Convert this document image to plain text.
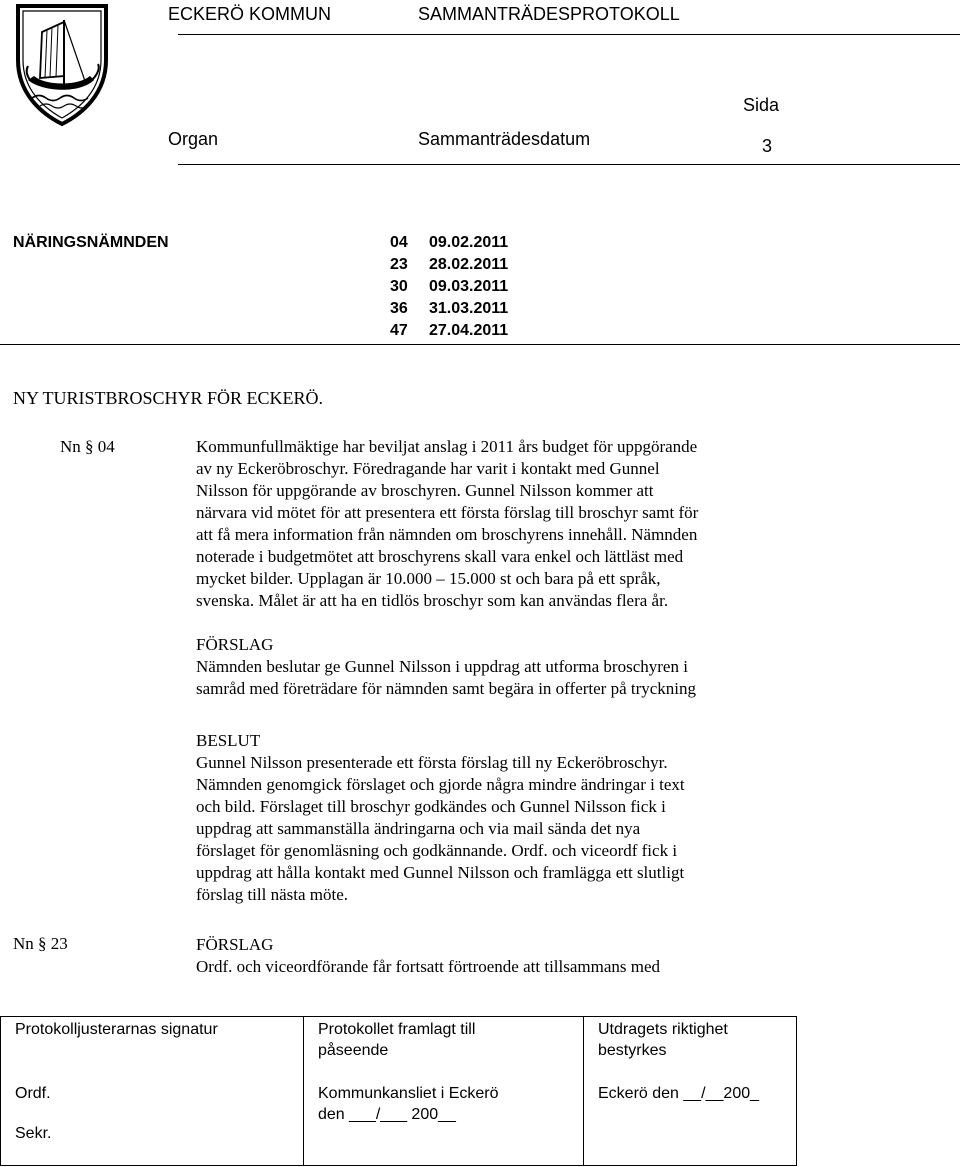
ECKERÖ KOMMUN	SAMMANTRÄDESPROTOKOLL
Sida
Organ	Sammanträdesdatum	3
NÄRINGSNÄMNDEN	04 09.02.2011
23 28.02.2011
30 09.03.2011
36 31.03.2011
47 27.04.2011
NY TURISTBROSCHYR FÖR ECKERÖ.
Nn § 04	Kommunfullmäktige har beviljat anslag i 2011 års budget för uppgörande

av ny Eckeröbroschyr. Föredragande har varit i kontakt med Gunnel

Nilsson för uppgörande av broschyren. Gunnel Nilsson kommer att

närvara vid mötet för att presentera ett första förslag till broschyr samt för

att få mera information från nämnden om broschyrens innehåll. Nämnden

noterade i budgetmötet att broschyrens skall vara enkel och lättläst med

mycket bilder. Upplagan är 10.000 – 15.000 st och bara på ett språk,

svenska. Målet är att ha en tidlös broschyr som kan användas flera år.

FÖRSLAG

Nämnden beslutar ge Gunnel Nilsson i uppdrag att utforma broschyren i

samråd med företrädare för nämnden samt begära in offerter på tryckning

BESLUT

Gunnel Nilsson presenterade ett första förslag till ny Eckeröbroschyr.

Nämnden genomgick förslaget och gjorde några mindre ändringar i text

och bild. Förslaget till broschyr godkändes och Gunnel Nilsson fick i

uppdrag att sammanställa ändringarna och via mail sända det nya

förslaget för genomläsning och godkännande. Ordf. och viceordf fick i

uppdrag att hålla kontakt med Gunnel Nilsson och framlägga ett slutligt

förslag till nästa möte.

Nn § 23	FÖRSLAG

Ordf. och viceordförande får fortsatt förtroende att tillsammans med

Protokolljusterarnas signatur
Ordf.
Sekr.
Protokollet framlagt till
påseende
Kommunkansliet i Eckerö
den ___/___ 200__
Utdragets riktighet
bestyrkes
Eckerö den __/__200_
